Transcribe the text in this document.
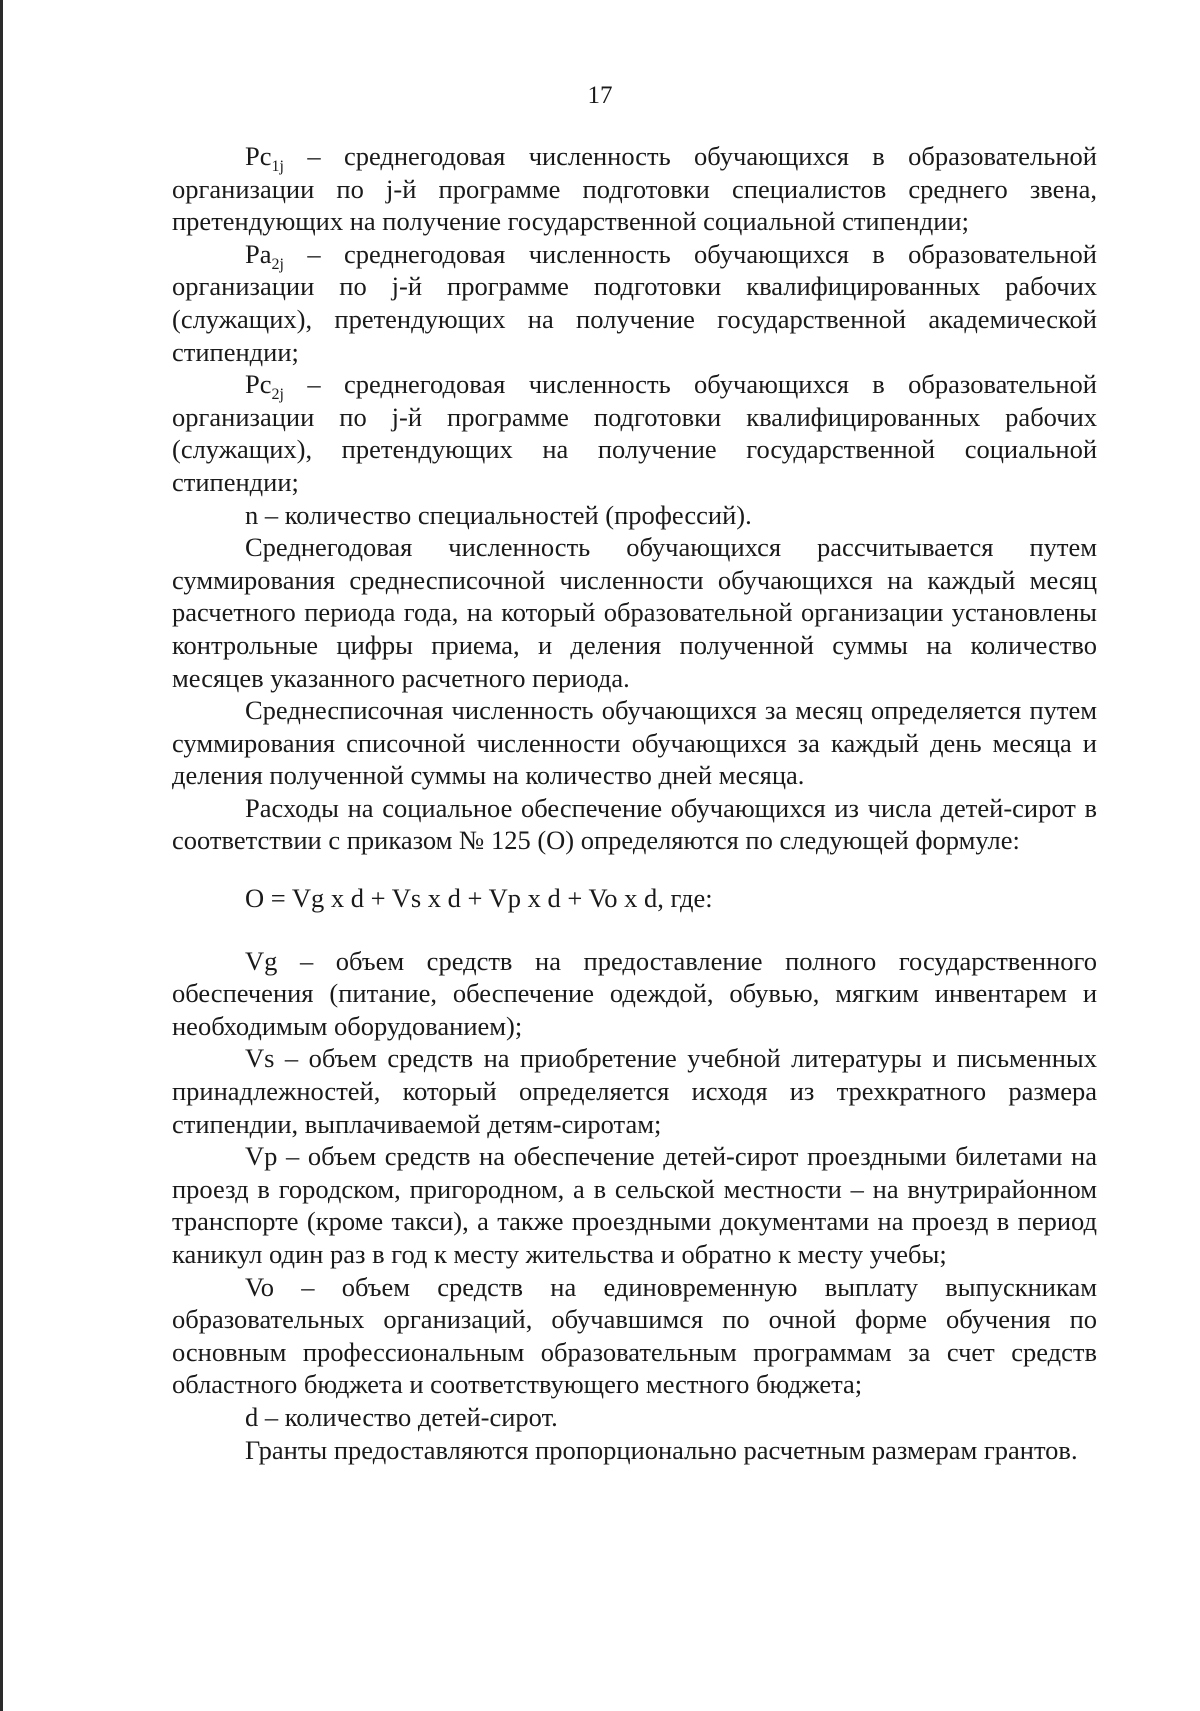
17

$Pc_{1j}$ – среднегодовая численность обучающихся в образовательной организации по j-й программе подготовки специалистов среднего звена, претендующих на получение государственной социальной стипендии;

$Pa_{2j}$ – среднегодовая численность обучающихся в образовательной организации по j-й программе подготовки квалифицированных рабочих (служащих), претендующих на получение государственной академической стипендии;

$Pc_{2j}$ – среднегодовая численность обучающихся в образовательной организации по j-й программе подготовки квалифицированных рабочих (служащих), претендующих на получение государственной социальной стипендии;

n – количество специальностей (профессий).

Среднегодовая численность обучающихся рассчитывается путем суммирования среднесписочной численности обучающихся на каждый месяц расчетного периода года, на который образовательной организации установлены контрольные цифры приема, и деления полученной суммы на количество месяцев указанного расчетного периода.

Среднесписочная численность обучающихся за месяц определяется путем суммирования списочной численности обучающихся за каждый день месяца и деления полученной суммы на количество дней месяца.

Расходы на социальное обеспечение обучающихся из числа детей-сирот в соответствии с приказом № 125 (О) определяются по следующей формуле:

O = Vg x d + Vs x d + Vp x d + Vo x d, где:

Vg – объем средств на предоставление полного государственного обеспечения (питание, обеспечение одеждой, обувью, мягким инвентарем и необходимым оборудованием);

Vs – объем средств на приобретение учебной литературы и письменных принадлежностей, который определяется исходя из трехкратного размера стипендии, выплачиваемой детям-сиротам;

Vp – объем средств на обеспечение детей-сирот проездными билетами на проезд в городском, пригородном, а в сельской местности – на внутрирайонном транспорте (кроме такси), а также проездными документами на проезд в период каникул один раз в год к месту жительства и обратно к месту учебы;

Vo – объем средств на единовременную выплату выпускникам образовательных организаций, обучавшимся по очной форме обучения по основным профессиональным образовательным программам за счет средств областного бюджета и соответствующего местного бюджета;

d – количество детей-сирот.

Гранты предоставляются пропорционально расчетным размерам грантов.
